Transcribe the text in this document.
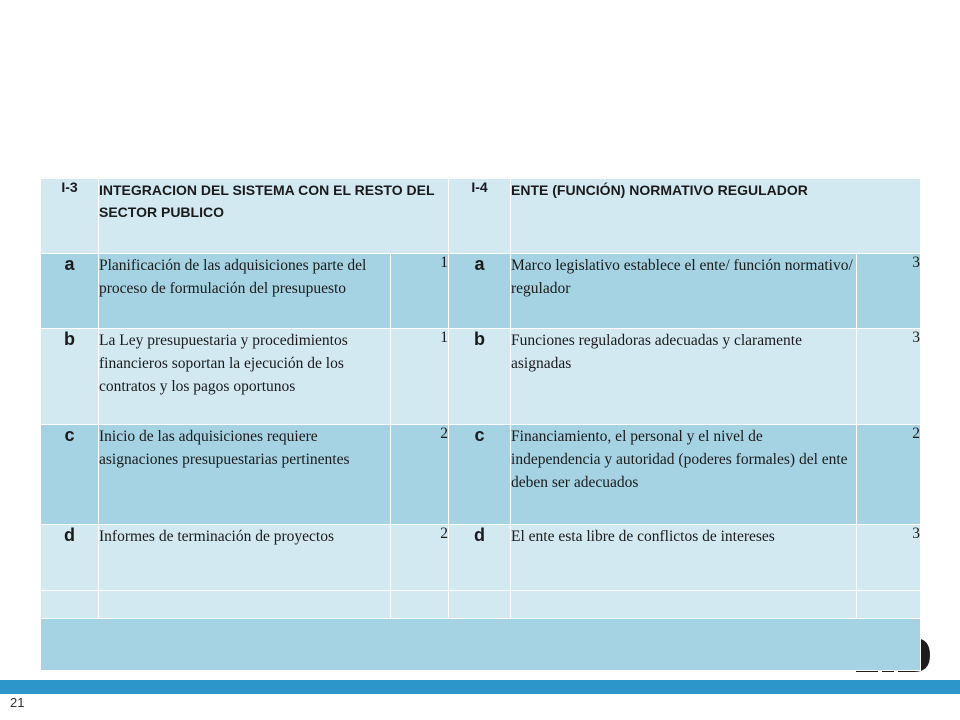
I-3	INTEGRACION DEL SISTEMA CON EL RESTO DEL SECTOR PUBLICO		I-4	ENTE (FUNCIÓN) NORMATIVO REGULADOR	
a	Planificación de las adquisiciones parte del proceso de formulación del presupuesto	1	a	Marco legislativo establece el ente/ función normativo/ regulador	3
b	La Ley presupuestaria y procedimientos financieros soportan la ejecución de los contratos y los pagos oportunos	1	b	Funciones reguladoras adecuadas y claramente asignadas	3
c	Inicio de las adquisiciones requiere asignaciones presupuestarias pertinentes	2	c	Financiamiento, el personal y el nivel de independencia y autoridad (poderes formales) del ente deben ser adecuados	2
d	Informes de terminación de proyectos	2	d	El ente esta libre de conflictos de intereses	3

21
